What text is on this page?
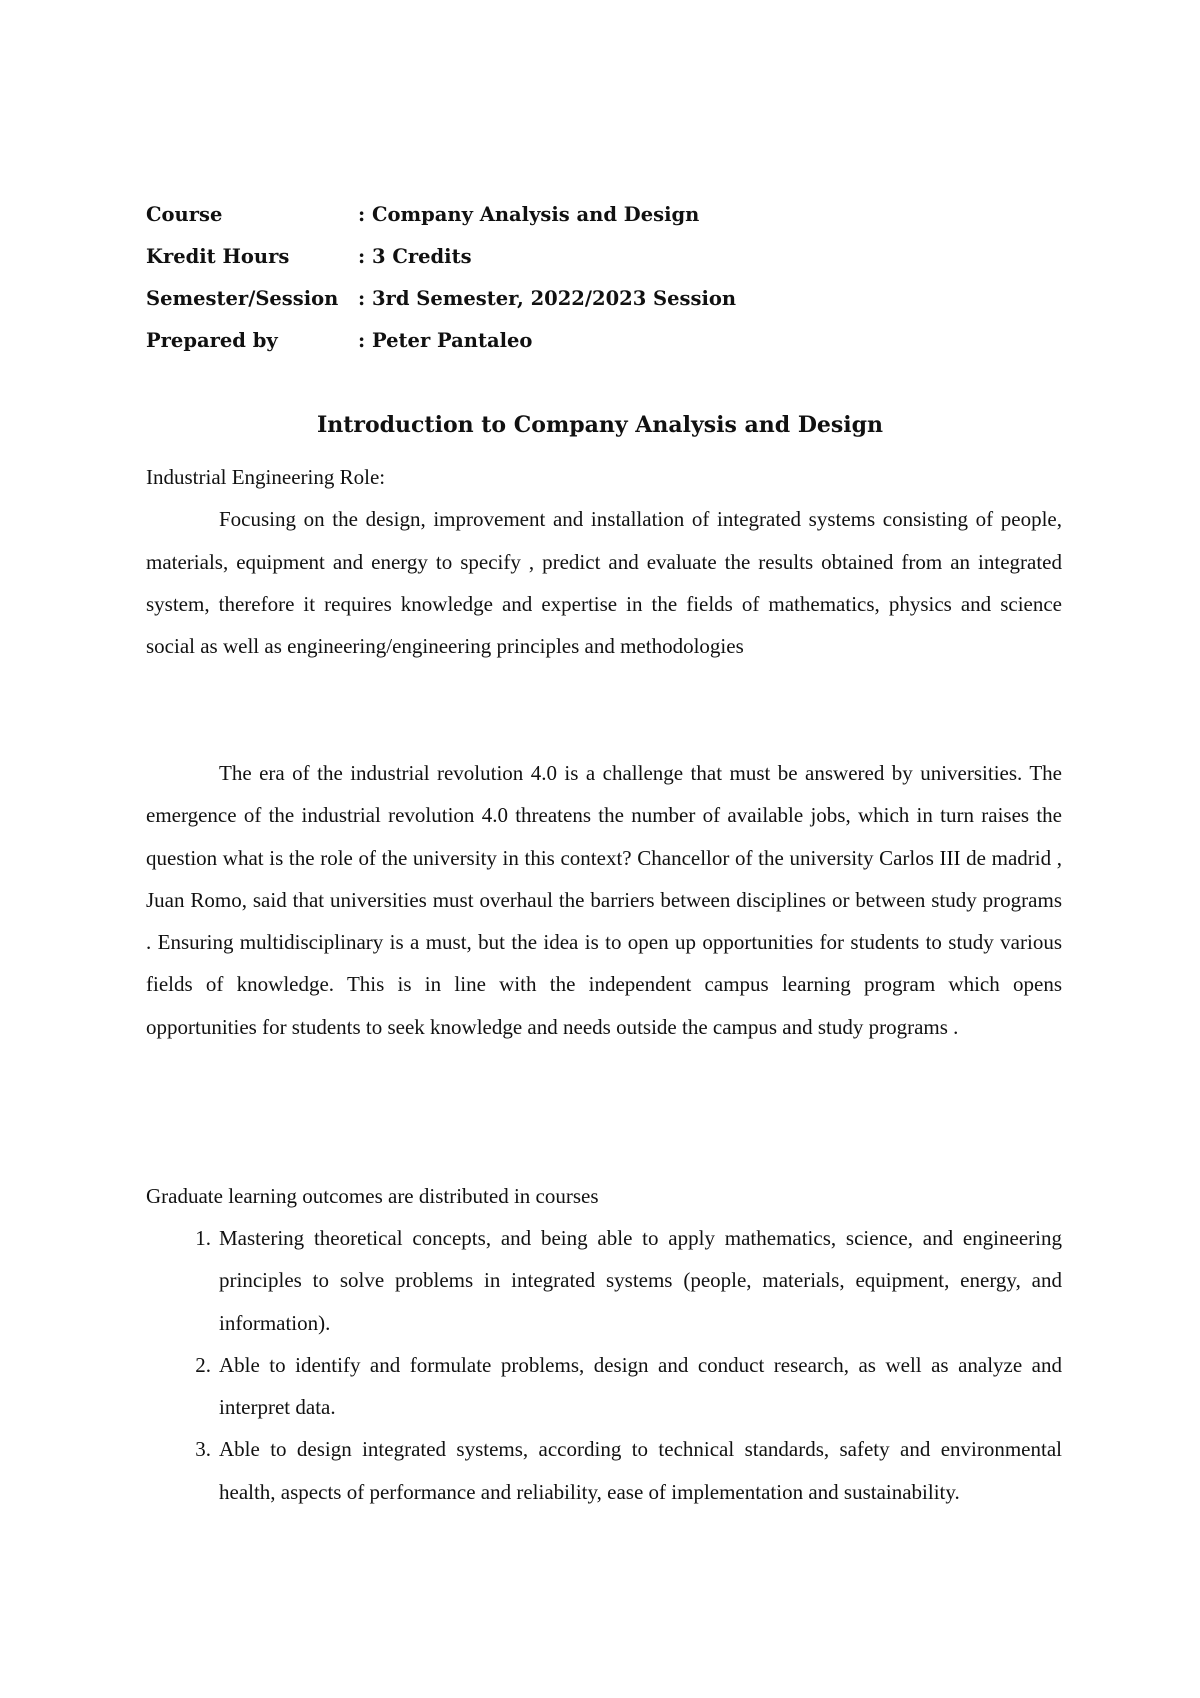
Course	: Company Analysis and Design
Kredit Hours	: 3 Credits
Semester/Session	: 3rd Semester, 2022/2023 Session
Prepared by	: Peter Pantaleo
Introduction to Company Analysis and Design

Industrial Engineering Role:

Focusing on the design, improvement and installation of integrated systems consisting of people, materials, equipment and energy to specify , predict and evaluate the results obtained from an integrated system, therefore it requires knowledge and expertise in the fields of mathematics, physics and science social as well as engineering/engineering principles and methodologies

The era of the industrial revolution 4.0 is a challenge that must be answered by universities. The emergence of the industrial revolution 4.0 threatens the number of available jobs, which in turn raises the question what is the role of the university in this context? Chancellor of the university Carlos III de madrid , Juan Romo, said that universities must overhaul the barriers between disciplines or between study programs . Ensuring multidisciplinary is a must, but the idea is to open up opportunities for students to study various fields of knowledge. This is in line with the independent campus learning program which opens opportunities for students to seek knowledge and needs outside the campus and study programs .

Graduate learning outcomes are distributed in courses

1. Mastering theoretical concepts, and being able to apply mathematics, science, and engineering principles to solve problems in integrated systems (people, materials, equipment, energy, and information).
2. Able to identify and formulate problems, design and conduct research, as well as analyze and interpret data.
3. Able to design integrated systems, according to technical standards, safety and environmental health, aspects of performance and reliability, ease of implementation and sustainability.
